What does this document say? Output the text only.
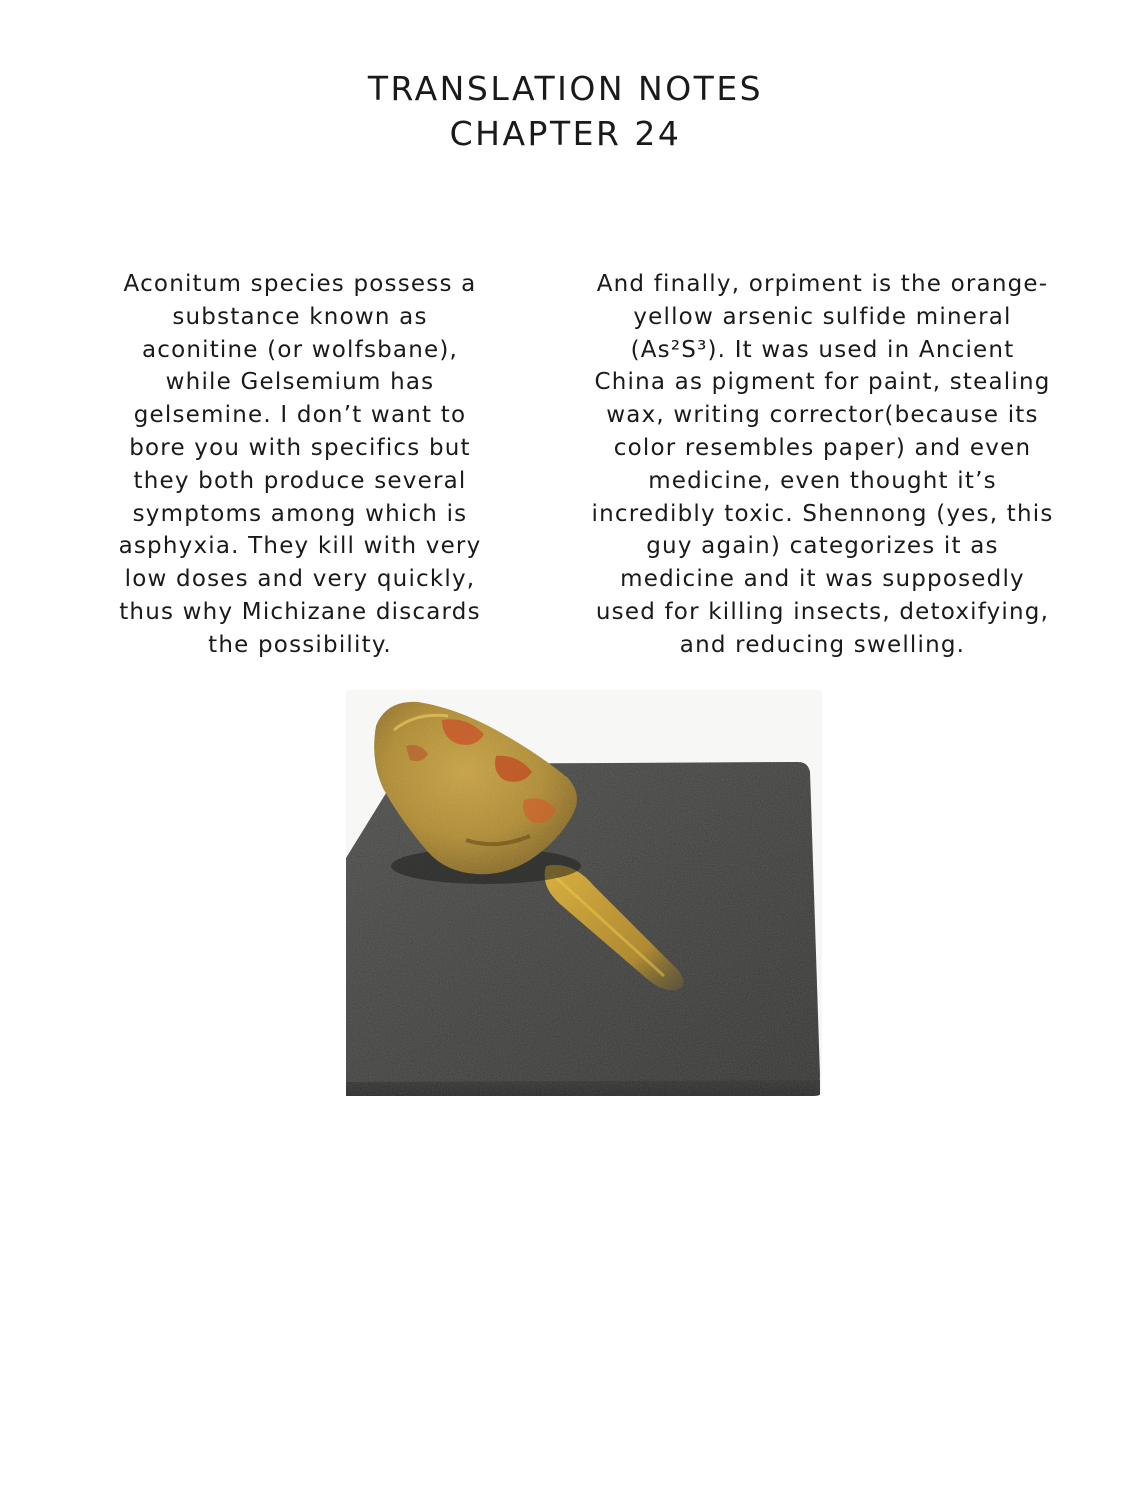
TRANSLATION NOTES
CHAPTER 24
Aconitum species possess a
substance known as
aconitine (or wolfsbane),
while Gelsemium has
gelsemine. I don’t want to
bore you with specifics but
they both produce several
symptoms among which is
asphyxia. They kill with very
low doses and very quickly,
thus why Michizane discards
the possibility.
And finally, orpiment is the orange-
yellow arsenic sulfide mineral
(As²S³). It was used in Ancient
China as pigment for paint, stealing
wax, writing corrector(because its
color resembles paper) and even
medicine, even thought it’s
incredibly toxic. Shennong (yes, this
guy again) categorizes it as
medicine and it was supposedly
used for killing insects, detoxifying,
and reducing swelling.
